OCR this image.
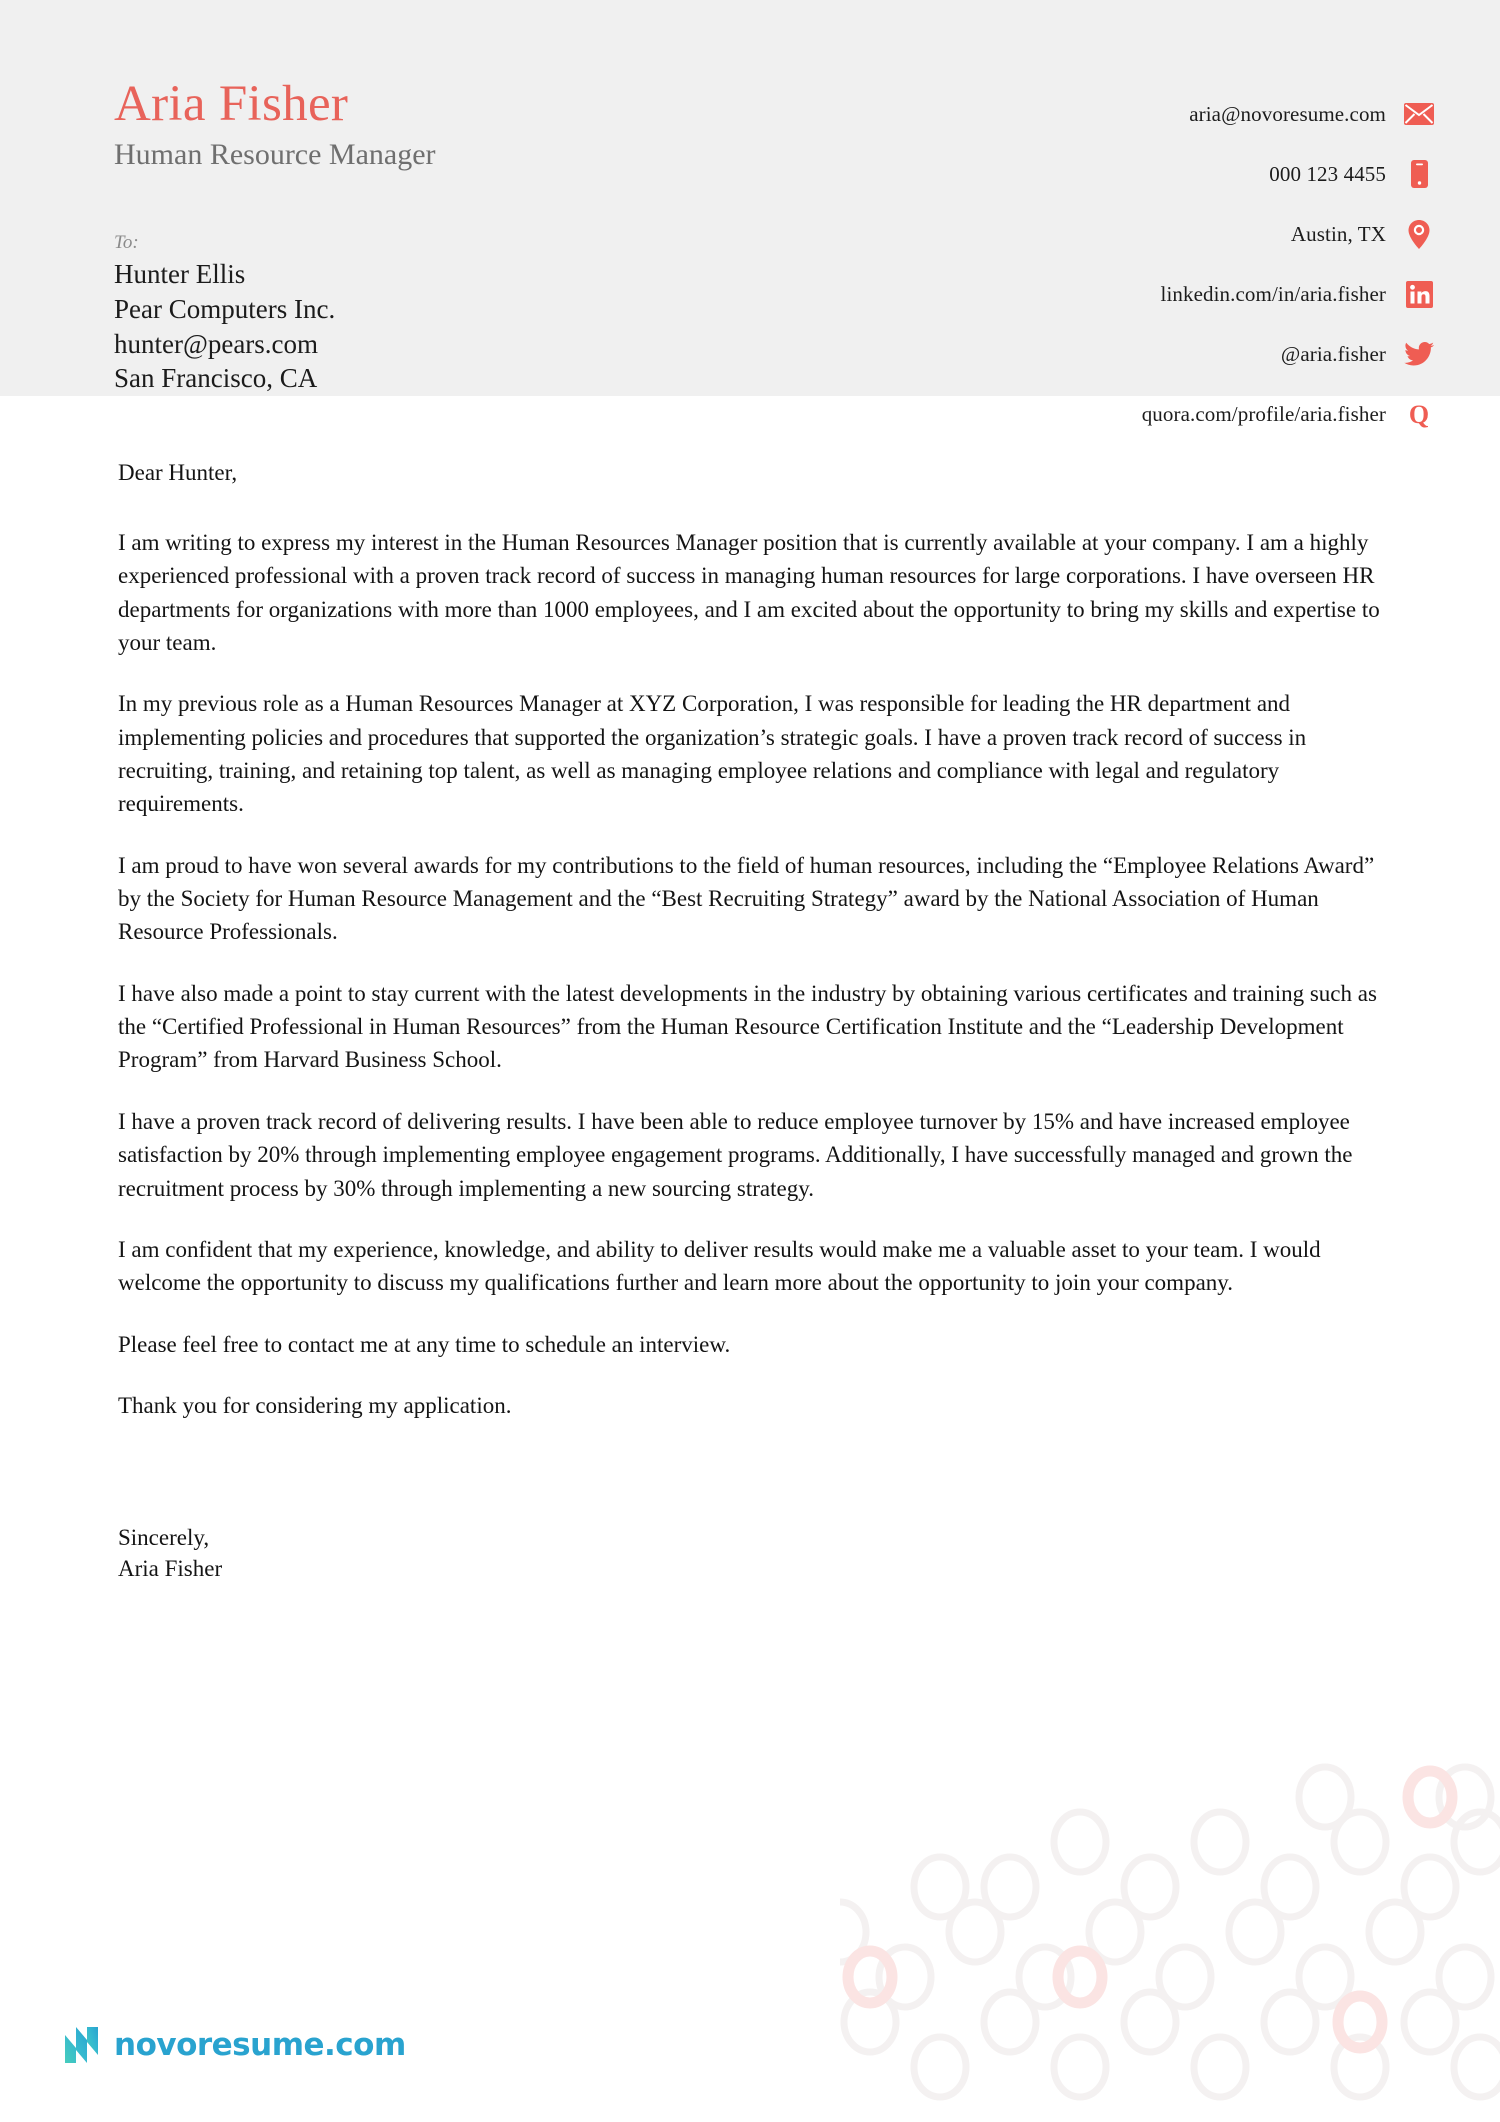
Aria Fisher
Human Resource Manager
To:
Hunter Ellis
Pear Computers Inc.
hunter@pears.com
San Francisco, CA
aria@novoresume.com
000 123 4455
Austin, TX
linkedin.com/in/aria.fisher
@aria.fisher
quora.com/profile/aria.fisher Q

Dear Hunter,

I am writing to express my interest in the Human Resources Manager position that is currently available at your company. I am a highly experienced professional with a proven track record of success in managing human resources for large corporations. I have overseen HR departments for organizations with more than 1000 employees, and I am excited about the opportunity to bring my skills and expertise to your team.

In my previous role as a Human Resources Manager at XYZ Corporation, I was responsible for leading the HR department and implementing policies and procedures that supported the organization’s strategic goals. I have a proven track record of success in recruiting, training, and retaining top talent, as well as managing employee relations and compliance with legal and regulatory requirements.

I am proud to have won several awards for my contributions to the field of human resources, including the “Employee Relations Award” by the Society for Human Resource Management and the “Best Recruiting Strategy” award by the National Association of Human Resource Professionals.

I have also made a point to stay current with the latest developments in the industry by obtaining various certificates and training such as the “Certified Professional in Human Resources” from the Human Resource Certification Institute and the “Leadership Development Program” from Harvard Business School.

I have a proven track record of delivering results. I have been able to reduce employee turnover by 15% and have increased employee satisfaction by 20% through implementing employee engagement programs. Additionally, I have successfully managed and grown the recruitment process by 30% through implementing a new sourcing strategy.

I am confident that my experience, knowledge, and ability to deliver results would make me a valuable asset to your team. I would welcome the opportunity to discuss my qualifications further and learn more about the opportunity to join your company.

Please feel free to contact me at any time to schedule an interview.

Thank you for considering my application.

Sincerely,
Aria Fisher
novoresume.com
